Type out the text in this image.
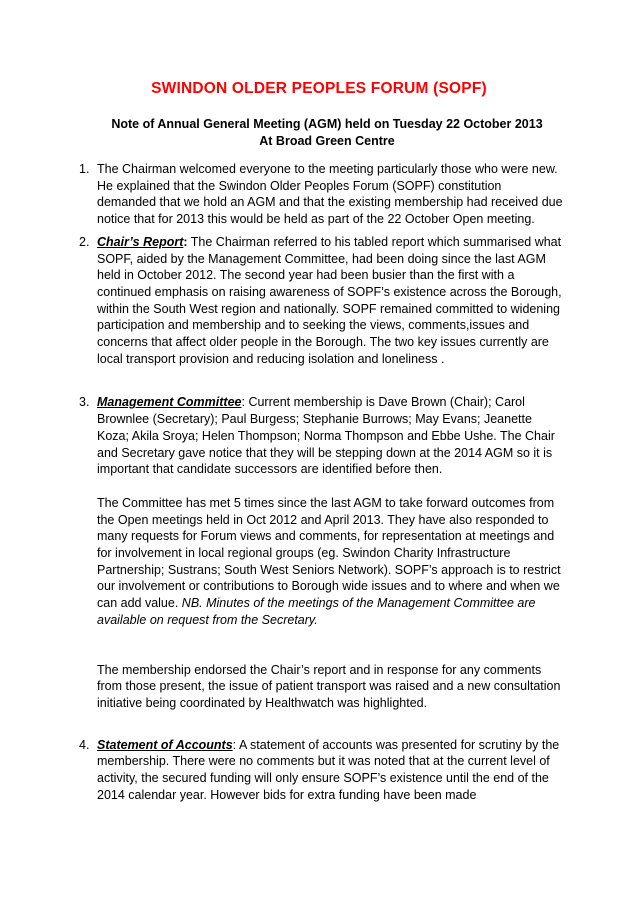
SWINDON OLDER PEOPLES FORUM (SOPF)
Note of Annual General Meeting (AGM) held on Tuesday 22 October 2013
At Broad Green Centre
1. The Chairman welcomed everyone to the meeting particularly those who were new. He explained that the Swindon Older Peoples Forum (SOPF) constitution demanded that we hold an AGM and that the existing membership had received due notice that for 2013 this would be held as part of the 22 October Open meeting.

2. Chair’s Report: The Chairman referred to his tabled report which summarised what SOPF, aided by the Management Committee, had been doing since the last AGM held in October 2012. The second year had been busier than the first with a continued emphasis on raising awareness of SOPF’s existence across the Borough, within the South West region and nationally. SOPF remained committed to widening participation and membership and to seeking the views, comments,issues and concerns that affect older people in the Borough. The two key issues currently are local transport provision and reducing isolation and loneliness .

3. Management Committee: Current membership is Dave Brown (Chair); Carol Brownlee (Secretary); Paul Burgess; Stephanie Burrows; May Evans; Jeanette Koza; Akila Sroya; Helen Thompson; Norma Thompson and Ebbe Ushe. The Chair and Secretary gave notice that they will be stepping down at the 2014 AGM so it is important that candidate successors are identified before then.

The Committee has met 5 times since the last AGM to take forward outcomes from the Open meetings held in Oct 2012 and April 2013. They have also responded to many requests for Forum views and comments, for representation at meetings and for involvement in local regional groups (eg. Swindon Charity Infrastructure Partnership; Sustrans; South West Seniors Network). SOPF’s approach is to restrict our involvement or contributions to Borough wide issues and to where and when we can add value. NB. Minutes of the meetings of the Management Committee are available on request from the Secretary.

The membership endorsed the Chair’s report and in response for any comments from those present, the issue of patient transport was raised and a new consultation initiative being coordinated by Healthwatch was highlighted.

4. Statement of Accounts: A statement of accounts was presented for scrutiny by the membership. There were no comments but it was noted that at the current level of activity, the secured funding will only ensure SOPF’s existence until the end of the 2014 calendar year. However bids for extra funding have been made
